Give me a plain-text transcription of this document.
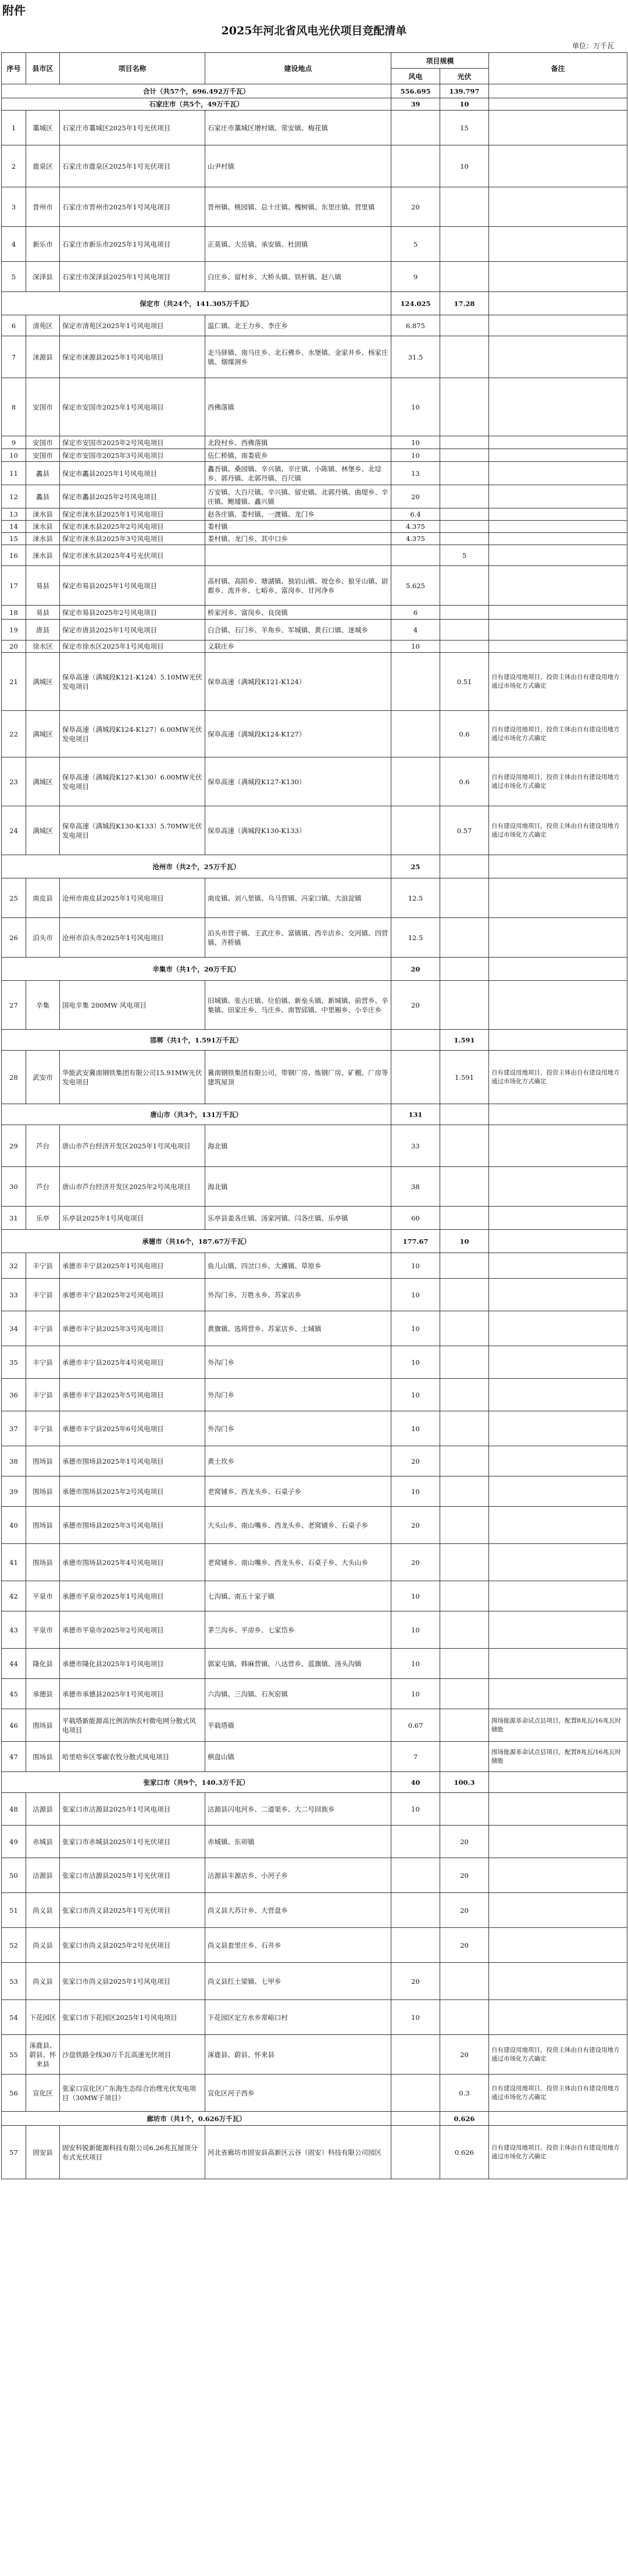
附件
2025年河北省风电光伏项目竞配清单
单位：万千瓦
序号	县市区	项目名称	建设地点	项目规模		备注
				风电	光伏	
合计（共57个，696.492万千瓦）				556.695	139.797	
石家庄市（共5个，49万千瓦）				39	10	
1	藁城区	石家庄市藁城区2025年1号光伏项目	石家庄市藁城区增村镇、常安镇、梅花镇		15	
2	鹿泉区	石家庄市鹿泉区2025年1号光伏项目	山尹村镇		10	
3	晋州市	石家庄市晋州市2025年1号风电项目	晋州镇、桃园镇、总十庄镇、槐树镇、东里庄镇、营里镇	20		
4	新乐市	石家庄市新乐市2025年1号风电项目	正莫镇、大岳镇、承安镇、杜固镇	5		
5	深泽县	石家庄市深泽县2025年1号风电项目	白庄乡、留村乡、大桥头镇、铁杆镇、赵八镇	9		
保定市（共24个，141.305万千瓦）				124.025	17.28	
6	清苑区	保定市清苑区2025年1号风电项目	温仁镇、北王力乡、李庄乡	6.875		
7	涞源县	保定市涞源县2025年1号风电项目	走马驿镇、南马庄乡、北石佛乡、水堡镇、金家井乡、杨家庄镇、烟煤洞乡	31.5		
8	安国市	保定市安国市2025年1号风电项目	西佛落镇	10		
9	安国市	保定市安国市2025年2号风电项目	北段村乡、西佛落镇	10		
10	安国市	保定市安国市2025年3号风电项目	伍仁桥镇、南娄底乡	10		
11	蠡县	保定市蠡县2025年1号风电项目	蠡吾镇、桑园镇、辛兴镇、辛庄镇、小陈镇、林堡乡、北埝乡、郭丹镇、北郭丹镇、百尺镇	13		
12	蠡县	保定市蠡县2025年2号风电项目	万安镇、大百尺镇、辛兴镇、留史镇、北郭丹镇、曲堤乡、辛庄镇、鲍墟镇、鑫兴镇	20		
13	涞水县	保定市涞水县2025年1号风电项目	赵各庄镇、娄村镇、一渡镇、龙门乡	6.4		
14	涞水县	保定市涞水县2025年2号风电项目	娄村镇	4.375		
15	涞水县	保定市涞水县2025年3号风电项目	娄村镇、龙门乡、其中口乡	4.375		
16	涞水县	保定市涞水县2025年4号光伏项目			5	
17	易县	保定市易县2025年1号风电项目	高村镇、高陌乡、塘湖镇、独岩山镇、坡仓乡、狼牙山镇、尉都乡、流井乡、七峪乡、富岗乡、甘河净乡	5.625		
18	易县	保定市易县2025年2号风电项目	桥家河乡、富岗乡、良岗镇	6		
19	唐县	保定市唐县2025年1号风电项目	白合镇、石门乡、羊角乡、军城镇、黄石口镇、迷城乡	4		
20	徐水区	保定市徐水区2025年1号风电项目	义联庄乡	10		
21	满城区	保阜高速（满城段K121-K124）5.10MW光伏发电项目	保阜高速（满城段K121-K124）		0.51	自有建设用地项目，投资主体由自有建设用地方通过市场化方式确定
22	满城区	保阜高速（满城段K124-K127）6.00MW光伏发电项目	保阜高速（满城段K124-K127）		0.6	自有建设用地项目，投资主体由自有建设用地方通过市场化方式确定
23	满城区	保阜高速（满城段K127-K130）6.00MW光伏发电项目	保阜高速（满城段K127-K130）		0.6	自有建设用地项目，投资主体由自有建设用地方通过市场化方式确定
24	满城区	保阜高速（满城段K130-K133）5.70MW光伏发电项目	保阜高速（满城段K130-K133）		0.57	自有建设用地项目，投资主体由自有建设用地方通过市场化方式确定
沧州市（共2个，25万千瓦）				25		
25	南皮县	沧州市南皮县2025年1号风电项目	南皮镇、刘八里镇、乌马营镇、冯家口镇、大浪淀镇	12.5		
26	泊头市	沧州市泊头市2025年1号风电项目	泊头市营子镇、王武庄乡、富镇镇、西辛店乡、交河镇、四营镇、齐桥镇	12.5		
辛集市（共1个，20万千瓦）				20		
27	辛集	国电辛集 200MW 风电项目	旧城镇、张古庄镇、位伯镇、新垒头镇、新城镇、前营乡、辛集镇、田家庄乡、马庄乡、南智邱镇、中里厢乡、小辛庄乡	20		
邯郸（共1个，1.591万千瓦）					1.591	
28	武安市	华能武安冀南钢铁集团有限公司15.91MW光伏发电项目	冀南钢铁集团有限公司，带钢厂房、炼钢厂房、矿棚、厂房等建筑屋顶		1.591	自有建设用地项目，投资主体由自有建设用地方通过市场化方式确定
唐山市（共3个，131万千瓦）				131		
29	芦台	唐山市芦台经济开发区2025年1号风电项目	海北镇	33		
30	芦台	唐山市芦台经济开发区2025年2号风电项目	海北镇	38		
31	乐亭	乐亭县2025年1号风电项目	乐亭县姜各庄镇、汤家河镇、闫各庄镇、乐亭镇	60		
承德市（共16个，187.67万千瓦）				177.67	10	
32	丰宁县	承德市丰宁县2025年1号风电项目	鱼儿山镇、四岔口乡、大滩镇、草原乡	10		
33	丰宁县	承德市丰宁县2025年2号风电项目	外沟门乡、万胜永乡、苏家店乡	10		
34	丰宁县	承德市丰宁县2025年3号风电项目	黄旗镇、选将营乡、苏家店乡、土城镇	10		
35	丰宁县	承德市丰宁县2025年4号风电项目	外沟门乡	10		
36	丰宁县	承德市丰宁县2025年5号风电项目	外沟门乡	10		
37	丰宁县	承德市丰宁县2025年6号风电项目	外沟门乡	10		
38	围场县	承德市围场县2025年1号风电项目	黄土坎乡	20		
39	围场县	承德市围场县2025年2号风电项目	老窝铺乡、西龙头乡、石桌子乡	10		
40	围场县	承德市围场县2025年3号风电项目	大头山乡、南山嘴乡、西龙头乡、老窝铺乡、石桌子乡	20		
41	围场县	承德市围场县2025年4号风电项目	老窝铺乡、南山嘴乡、西龙头乡、石桌子乡、大头山乡	20		
42	平泉市	承德市平泉市2025年1号风电项目	七沟镇、南五十家子镇	10		
43	平泉市	承德市平泉市2025年2号风电项目	茅兰沟乡、平房乡、七家岱乡	10		
44	隆化县	承德市隆化县2025年1号风电项目	郭家屯镇、韩麻营镇、八达营乡、蓝旗镇、汤头沟镇	10		
45	承德县	承德市承德县2025年1号风电项目	六沟镇、三沟镇、石灰窑镇	10		
46	围场县	平载塔新能源高比例消纳农村微电网分散式风电项目	平载塔镇	0.67		围场能源革命试点县项目，配置8兆瓦/16兆瓦时储能
47	围场县	哈里哈乡区零碳农牧分散式风电项目	棋盘山镇	7		围场能源革命试点县项目，配置8兆瓦/16兆瓦时储能
张家口市（共9个，140.3万千瓦）				40	100.3	
48	沽源县	张家口市沽源县2025年1号风电项目	沽源县闪电河乡、二道渠乡、大二号回族乡	10		
49	赤城县	张家口市赤城县2025年1号光伏项目	赤城镇、东卯镇		20	
50	沽源县	张家口市沽源县2025年1号光伏项目	沽源县丰源店乡、小河子乡		20	
51	尚义县	张家口市尚义县2025年1号光伏项目	尚义县大苏计乡、大营盘乡		20	
52	尚义县	张家口市尚义县2025年2号光伏项目	尚义县套里庄乡、石井乡		20	
53	尚义县	张家口市尚义县2025年1号风电项目	尚义县红土梁镇、七甲乡	20		
54	下花园区	张家口市下花园区2025年1号风电项目	下花园区定方水乡常峪口村	10		
55	涿鹿县、蔚县、怀来县	沙盘铁路全线30万千瓦高速光伏项目	涿鹿县、蔚县、怀来县		20	自有建设用地项目，投资主体由自有建设用地方通过市场化方式确定
56	宣化区	张家口宣化区广东海生态综合治理光伏发电项目（30MW子项目）	宣化区河子西乡		0.3	自有建设用地项目，投资主体由自有建设用地方通过市场化方式确定
廊坊市（共1个，0.626万千瓦）					0.626	
57	固安县	固安科锐新能源科技有限公司6.26兆瓦屋顶分布式光伏项目	河北省廊坊市固安县高新区云谷（固安）科技有限公司园区		0.626	自有建设用地项目，投资主体由自有建设用地方通过市场化方式确定
